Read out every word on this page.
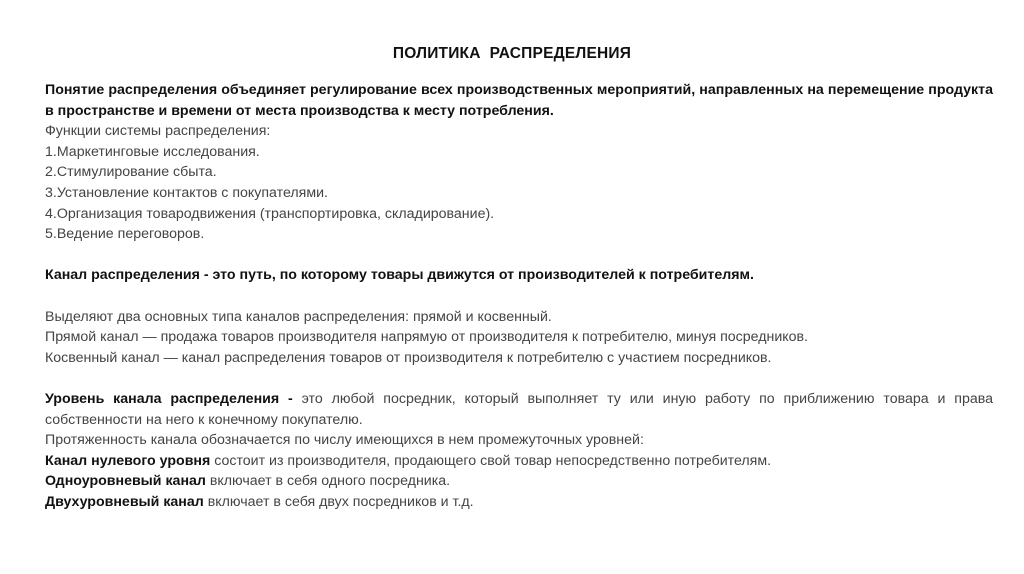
ПОЛИТИКА  РАСПРЕДЕЛЕНИЯ

Понятие распределения объединяет регулирование всех производственных мероприятий, направленных на перемещение продукта в пространстве и времени от места производства к месту потребления.

Функции системы распределения:

1.Маркетинговые исследования.

2.Стимулирование сбыта.

3.Установление контактов с покупателями.

4.Организация товародвижения (транспортировка, складирование).

5.Ведение переговоров.

Канал распределения - это путь, по которому товары движутся от производителей к потребителям.

Выделяют два основных типа каналов распределения: прямой и косвенный.

Прямой канал — продажа товаров производителя напрямую от производителя к потребителю, минуя посредников.

Косвенный канал — канал распределения товаров от производителя к потребителю с участием посредников.

Уровень канала распределения - это любой посредник, который выполняет ту или иную работу по приближению товара и права собственности на него к конечному покупателю.

Протяженность канала обозначается по числу имеющихся в нем промежуточных уровней:

Канал нулевого уровня состоит из производителя, продающего свой товар непосредственно потребителям.

Одноуровневый канал включает в себя одного посредника.

Двухуровневый канал включает в себя двух посредников и т.д.
